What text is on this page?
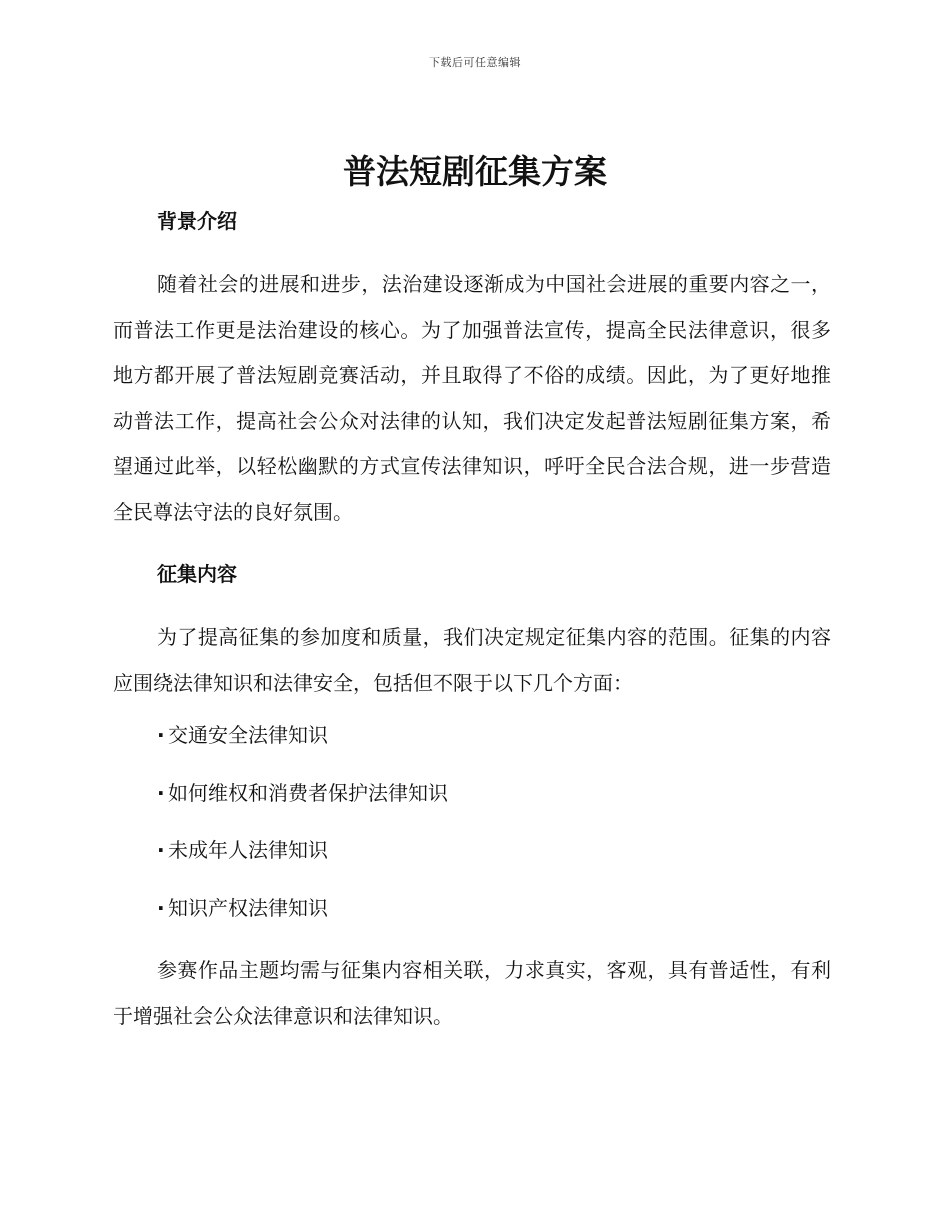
下载后可任意编辑
普法短剧征集方案
背景介绍

随着社会的进展和进步，法治建设逐渐成为中国社会进展的重要内容之一，而普法工作更是法治建设的核心。为了加强普法宣传，提高全民法律意识，很多地方都开展了普法短剧竞赛活动，并且取得了不俗的成绩。因此，为了更好地推动普法工作，提高社会公众对法律的认知，我们决定发起普法短剧征集方案，希望通过此举，以轻松幽默的方式宣传法律知识，呼吁全民合法合规，进一步营造全民尊法守法的良好氛围。

征集内容

为了提高征集的参加度和质量，我们决定规定征集内容的范围。征集的内容应围绕法律知识和法律安全，包括但不限于以下几个方面：

· 交通安全法律知识
· 如何维权和消费者保护法律知识
· 未成年人法律知识
· 知识产权法律知识

参赛作品主题均需与征集内容相关联，力求真实，客观，具有普适性，有利于增强社会公众法律意识和法律知识。
